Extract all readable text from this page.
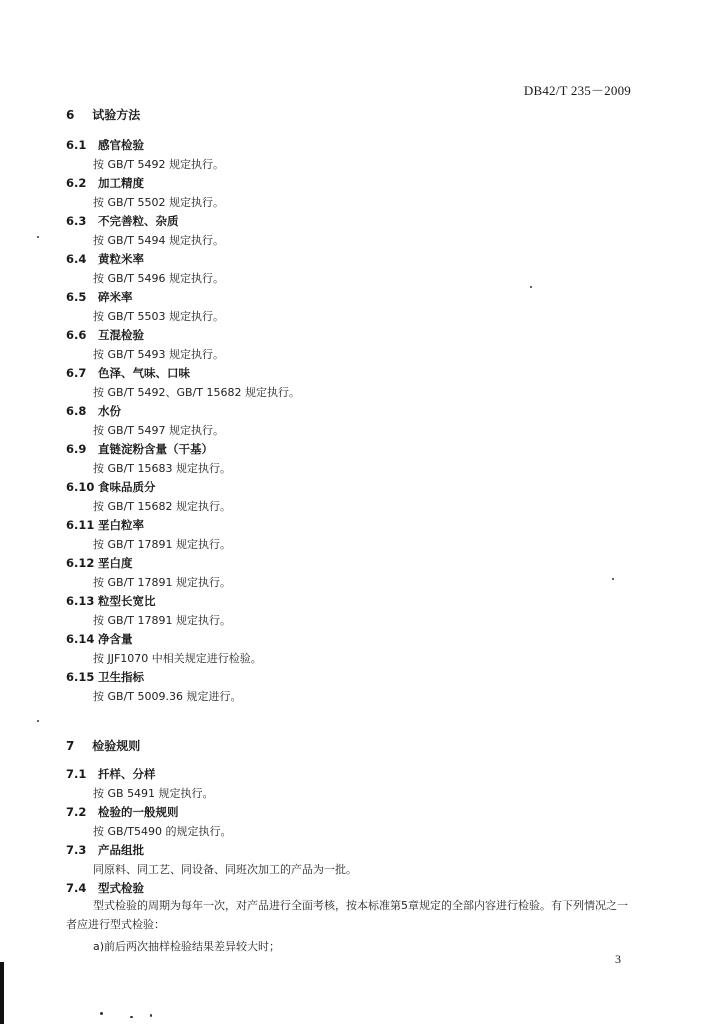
DB42/T 235－2009
6 试验方法
6.1 感官检验
按 GB/T 5492 规定执行。
6.2 加工精度
按 GB/T 5502 规定执行。
6.3 不完善粒、杂质
按 GB/T 5494 规定执行。
6.4 黄粒米率
按 GB/T 5496 规定执行。
6.5 碎米率
按 GB/T 5503 规定执行。
6.6 互混检验
按 GB/T 5493 规定执行。
6.7 色泽、气味、口味
按 GB/T 5492、GB/T 15682 规定执行。
6.8 水份
按 GB/T 5497 规定执行。
6.9 直链淀粉含量（干基）
按 GB/T 15683 规定执行。
6.10 食味品质分
按 GB/T 15682 规定执行。
6.11 垩白粒率
按 GB/T 17891 规定执行。
6.12 垩白度
按 GB/T 17891 规定执行。
6.13 粒型长宽比
按 GB/T 17891 规定执行。
6.14 净含量
按 JJF1070 中相关规定进行检验。
6.15 卫生指标
按 GB/T 5009.36 规定进行。
7 检验规则
7.1 扦样、分样
按 GB 5491 规定执行。
7.2 检验的一般规则
按 GB/T5490 的规定执行。
7.3 产品组批
同原料、同工艺、同设备、同班次加工的产品为一批。
7.4 型式检验
型式检验的周期为每年一次，对产品进行全面考核，按本标准第5章规定的全部内容进行检验。有下列情况之一者应进行型式检验：
a)前后两次抽样检验结果差异较大时；
3
